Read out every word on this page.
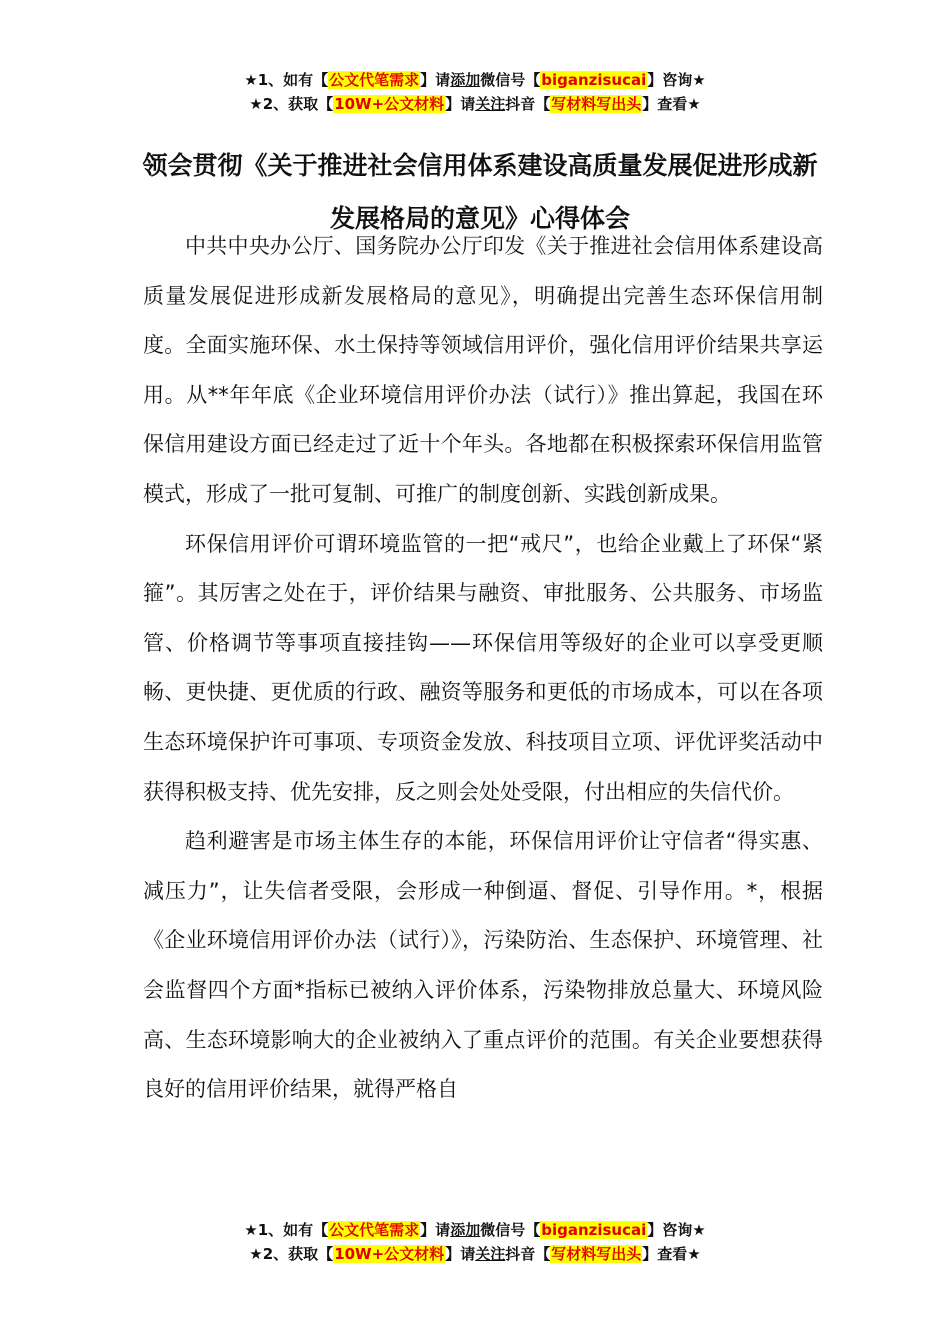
★1、如有【公文代笔需求】请添加微信号【biganzisucai】咨询★
★2、获取【10W+公文材料】请关注抖音【写材料写出头】查看★
领会贯彻《关于推进社会信用体系建设高质量发展促进形成新发展格局的意见》心得体会

中共中央办公厅、国务院办公厅印发《关于推进社会信用体系建设高质量发展促进形成新发展格局的意见》，明确提出完善生态环保信用制度。全面实施环保、水土保持等领域信用评价，强化信用评价结果共享运用。从**年年底《企业环境信用评价办法（试行）》推出算起，我国在环保信用建设方面已经走过了近十个年头。各地都在积极探索环保信用监管模式，形成了一批可复制、可推广的制度创新、实践创新成果。

环保信用评价可谓环境监管的一把“戒尺”，也给企业戴上了环保“紧箍”。其厉害之处在于，评价结果与融资、审批服务、公共服务、市场监管、价格调节等事项直接挂钩——环保信用等级好的企业可以享受更顺畅、更快捷、更优质的行政、融资等服务和更低的市场成本，可以在各项生态环境保护许可事项、专项资金发放、科技项目立项、评优评奖活动中获得积极支持、优先安排，反之则会处处受限，付出相应的失信代价。

趋利避害是市场主体生存的本能，环保信用评价让守信者“得实惠、减压力”，让失信者受限，会形成一种倒逼、督促、引导作用。*，根据《企业环境信用评价办法（试行）》，污染防治、生态保护、环境管理、社会监督四个方面*指标已被纳入评价体系，污染物排放总量大、环境风险高、生态环境影响大的企业被纳入了重点评价的范围。有关企业要想获得良好的信用评价结果，就得严格自

★1、如有【公文代笔需求】请添加微信号【biganzisucai】咨询★
★2、获取【10W+公文材料】请关注抖音【写材料写出头】查看★
